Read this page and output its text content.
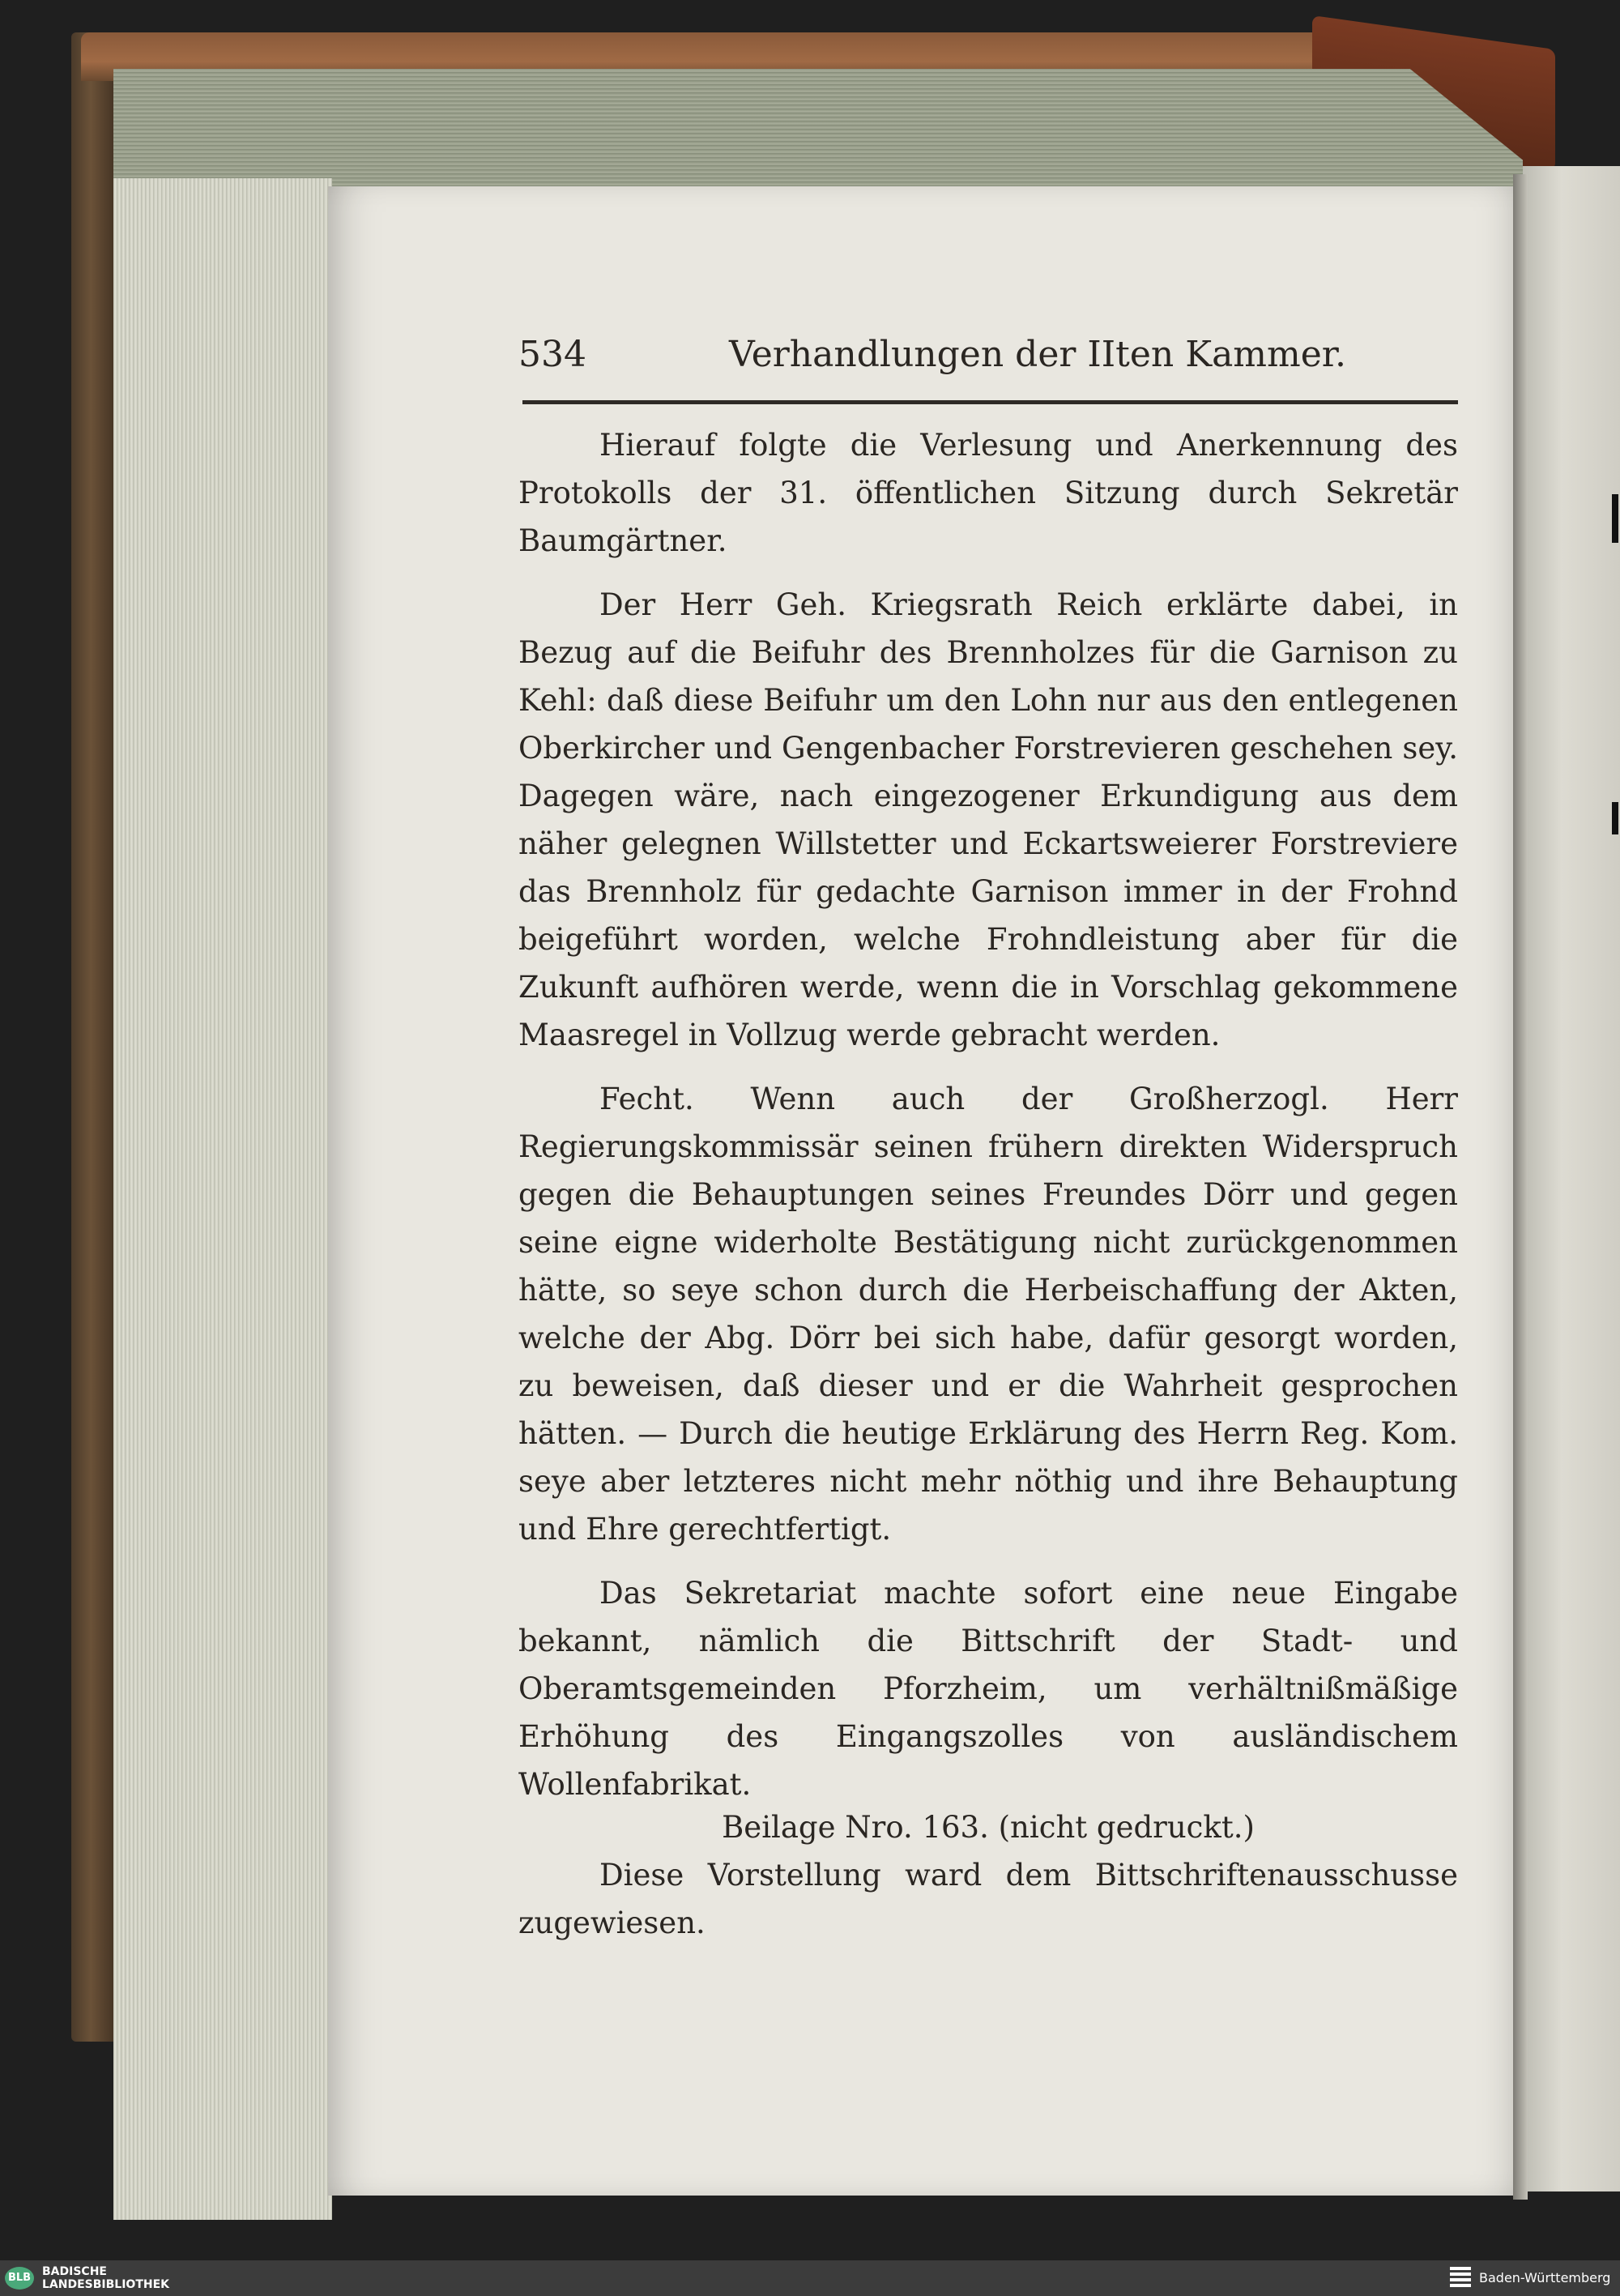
534	Verhandlungen der IIten Kammer.

Hierauf folgte die Verlesung und Anerkennung des Protokolls der 31. öffentlichen Sitzung durch Sekretär Baumgärtner.

Der Herr Geh. Kriegsrath Reich erklärte dabei, in Bezug auf die Beifuhr des Brennholzes für die Garnison zu Kehl: daß diese Beifuhr um den Lohn nur aus den entlegenen Oberkircher und Gengenbacher Forstrevieren geschehen sey. Dagegen wäre, nach eingezogener Erkundigung aus dem näher gelegnen Willstetter und Eckartsweierer Forstreviere das Brennholz für gedachte Garnison immer in der Frohnd beigeführt worden, welche Frohndleistung aber für die Zukunft aufhören werde, wenn die in Vorschlag gekommene Maasregel in Vollzug werde gebracht werden.

Fecht. Wenn auch der Großherzogl. Herr Regierungskommissär seinen frühern direkten Widerspruch gegen die Behauptungen seines Freundes Dörr und gegen seine eigne widerholte Bestätigung nicht zurückgenommen hätte, so seye schon durch die Herbeischaffung der Akten, welche der Abg. Dörr bei sich habe, dafür gesorgt worden, zu beweisen, daß dieser und er die Wahrheit gesprochen hätten. — Durch die heutige Erklärung des Herrn Reg. Kom. seye aber letzteres nicht mehr nöthig und ihre Behauptung und Ehre gerechtfertigt.

Das Sekretariat machte sofort eine neue Eingabe bekannt, nämlich die Bittschrift der Stadt- und Oberamtsgemeinden Pforzheim, um verhältnißmäßige Erhöhung des Eingangszolles von ausländischem Wollenfabrikat.

Beilage Nro. 163. (nicht gedruckt.)

Diese Vorstellung ward dem Bittschriftenausschusse zugewiesen.

BLB BADISCHE
LANDESBIBLIOTHEK	Baden-Württemberg
